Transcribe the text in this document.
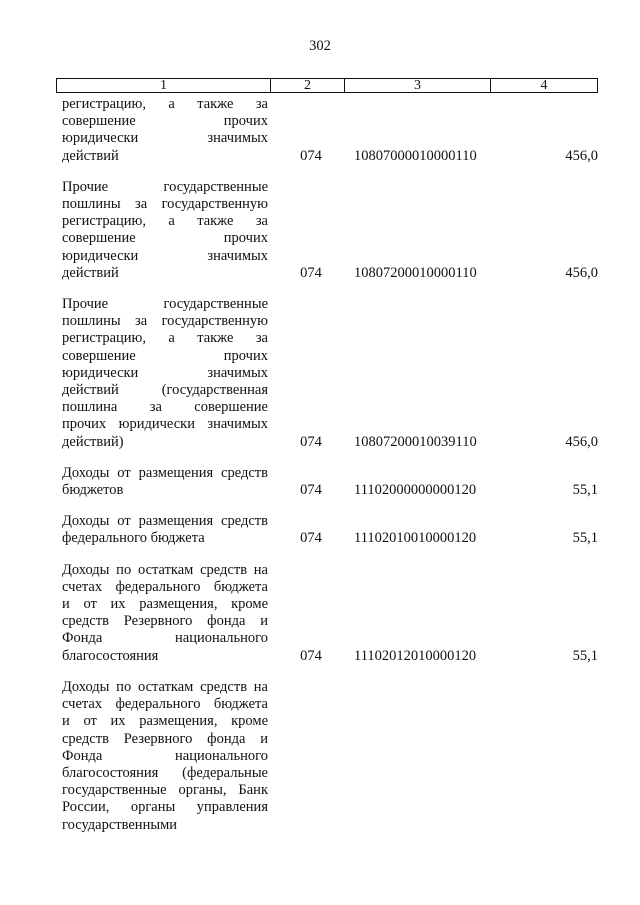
302
1	2	3	4
регистрацию, а также за
совершение прочих
юридически значимых
действий	074 10807000010000110	456,0
Прочие государственные
пошлины за государственную
регистрацию, а также за
совершение прочих
юридически значимых
действий	074 10807200010000110	456,0
Прочие государственные
пошлины за государственную
регистрацию, а также за
совершение прочих
юридически значимых
действий (государственная
пошлина за совершение
прочих юридически значимых
действий)	074 10807200010039110	456,0
Доходы от размещения средств
бюджетов	074 11102000000000120	55,1
Доходы от размещения средств
федерального бюджета	074 11102010010000120	55,1
Доходы по остаткам средств на
счетах федерального бюджета
и от их размещения, кроме
средств Резервного фонда и
Фонда национального
благосостояния	074 11102012010000120	55,1
Доходы по остаткам средств на
счетах федерального бюджета
и от их размещения, кроме
средств Резервного фонда и
Фонда национального
благосостояния (федеральные
государственные органы, Банк
России, органы управления
государственными
